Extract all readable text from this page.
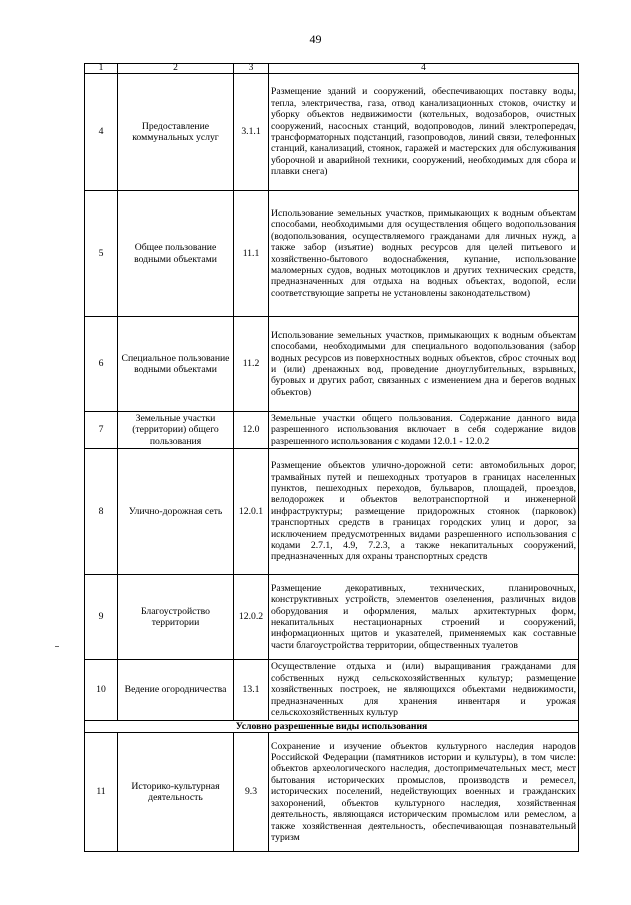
49
1	2	3	4
4	Предоставление коммунальных услуг	3.1.1	Размещение зданий и сооружений, обеспечивающих поставку воды, тепла, электричества, газа, отвод канализационных стоков, очистку и уборку объектов недвижимости (котельных, водозаборов, очистных сооружений, насосных станций, водопроводов, линий электропередач, трансформаторных подстанций, газопроводов, линий связи, телефонных станций, канализаций, стоянок, гаражей и мастерских для обслуживания уборочной и аварийной техники, сооружений, необходимых для сбора и плавки снега)
5	Общее пользование водными объектами	11.1	Использование земельных участков, примыкающих к водным объектам способами, необходимыми для осуществления общего водопользования (водопользования, осуществляемого гражданами для личных нужд, а также забор (изъятие) водных ресурсов для целей питьевого и хозяйственно-бытового водоснабжения, купание, использование маломерных судов, водных мотоциклов и других технических средств, предназначенных для отдыха на водных объектах, водопой, если соответствующие запреты не установлены законодательством)
6	Специальное пользование водными объектами	11.2	Использование земельных участков, примыкающих к водным объектам способами, необходимыми для специального водопользования (забор водных ресурсов из поверхностных водных объектов, сброс сточных вод и (или) дренажных вод, проведение дноуглубительных, взрывных, буровых и других работ, связанных с изменением дна и берегов водных объектов)
7	Земельные участки (территории) общего пользования	12.0	Земельные участки общего пользования. Содержание данного вида разрешенного использования включает в себя содержание видов разрешенного использования с кодами 12.0.1 - 12.0.2
8	Улично-дорожная сеть	12.0.1	Размещение объектов улично-дорожной сети: автомобильных дорог, трамвайных путей и пешеходных тротуаров в границах населенных пунктов, пешеходных переходов, бульваров, площадей, проездов, велодорожек и объектов велотранспортной и инженерной инфраструктуры; размещение придорожных стоянок (парковок) транспортных средств в границах городских улиц и дорог, за исключением предусмотренных видами разрешенного использования с кодами 2.7.1, 4.9, 7.2.3, а также некапитальных сооружений, предназначенных для охраны транспортных средств
9	Благоустройство территории	12.0.2	Размещение декоративных, технических, планировочных, конструктивных устройств, элементов озеленения, различных видов оборудования и оформления, малых архитектурных форм, некапитальных нестационарных строений и сооружений, информационных щитов и указателей, применяемых как составные части благоустройства территории, общественных туалетов
10	Ведение огородничества	13.1	Осуществление отдыха и (или) выращивания гражданами для собственных нужд сельскохозяйственных культур; размещение хозяйственных построек, не являющихся объектами недвижимости, предназначенных для хранения инвентаря и урожая сельскохозяйственных культур
Условно разрешенные виды использования			
11	Историко-культурная деятельность	9.3	Сохранение и изучение объектов культурного наследия народов Российской Федерации (памятников истории и культуры), в том числе: объектов археологического наследия, достопримечательных мест, мест бытования исторических промыслов, производств и ремесел, исторических поселений, недействующих военных и гражданских захоронений, объектов культурного наследия, хозяйственная деятельность, являющаяся историческим промыслом или ремеслом, а также хозяйственная деятельность, обеспечивающая познавательный туризм
